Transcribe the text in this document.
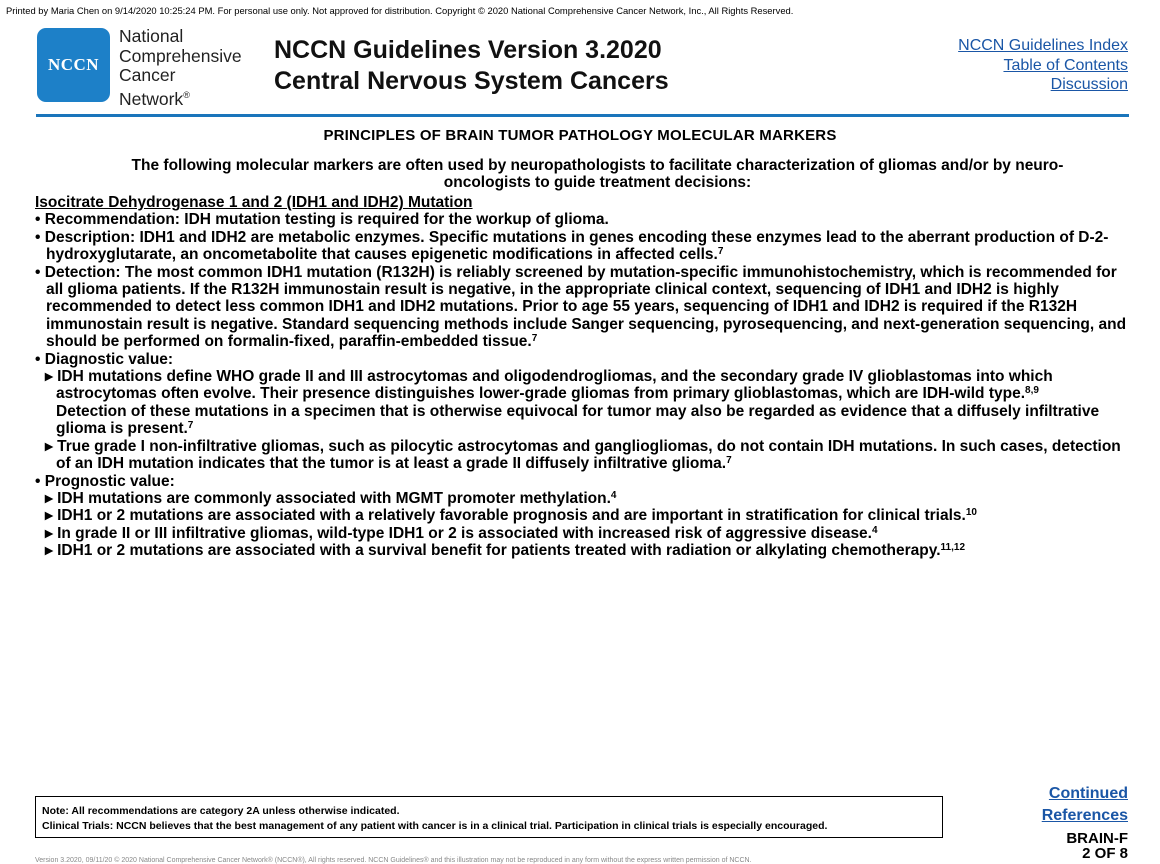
Printed by Maria Chen on 9/14/2020 10:25:24 PM. For personal use only. Not approved for distribution. Copyright © 2020 National Comprehensive Cancer Network, Inc., All Rights Reserved.
NCCN
National
Comprehensive
Cancer
Network®
NCCN Guidelines Version 3.2020
Central Nervous System Cancers
NCCN Guidelines Index
Table of Contents
Discussion
PRINCIPLES OF BRAIN TUMOR PATHOLOGY MOLECULAR MARKERS
The following molecular markers are often used by neuropathologists to facilitate characterization of gliomas and/or by neuro-oncologists to guide treatment decisions:

Isocitrate Dehydrogenase 1 and 2 (IDH1 and IDH2) Mutation

• Recommendation: IDH mutation testing is required for the workup of glioma.

• Description: IDH1 and IDH2 are metabolic enzymes. Specific mutations in genes encoding these enzymes lead to the aberrant production of D-2-hydroxyglutarate, an oncometabolite that causes epigenetic modifications in affected cells.$^7$

• Detection: The most common IDH1 mutation (R132H) is reliably screened by mutation-specific immunohistochemistry, which is recommended for all glioma patients. If the R132H immunostain result is negative, in the appropriate clinical context, sequencing of IDH1 and IDH2 is highly recommended to detect less common IDH1 and IDH2 mutations. Prior to age 55 years, sequencing of IDH1 and IDH2 is required if the R132H immunostain result is negative. Standard sequencing methods include Sanger sequencing, pyrosequencing, and next-generation sequencing, and should be performed on formalin-fixed, paraffin-embedded tissue.$^7$

• Diagnostic value:

▸ IDH mutations define WHO grade II and III astrocytomas and oligodendrogliomas, and the secondary grade IV glioblastomas into which astrocytomas often evolve. Their presence distinguishes lower-grade gliomas from primary glioblastomas, which are IDH-wild type.$^{8,9}$
Detection of these mutations in a specimen that is otherwise equivocal for tumor may also be regarded as evidence that a diffusely infiltrative glioma is present.$^7$

▸ True grade I non-infiltrative gliomas, such as pilocytic astrocytomas and gangliogliomas, do not contain IDH mutations. In such cases, detection of an IDH mutation indicates that the tumor is at least a grade II diffusely infiltrative glioma.$^7$

• Prognostic value:

▸ IDH mutations are commonly associated with MGMT promoter methylation.$^4$

▸ IDH1 or 2 mutations are associated with a relatively favorable prognosis and are important in stratification for clinical trials.$^{10}$

▸ In grade II or III infiltrative gliomas, wild-type IDH1 or 2 is associated with increased risk of aggressive disease.$^4$

▸ IDH1 or 2 mutations are associated with a survival benefit for patients treated with radiation or alkylating chemotherapy.$^{11,12}$

Note: All recommendations are category 2A unless otherwise indicated.
Clinical Trials: NCCN believes that the best management of any patient with cancer is in a clinical trial. Participation in clinical trials is especially encouraged.
Continued
References
BRAIN-F
2 OF 8
Version 3.2020, 09/11/20 © 2020 National Comprehensive Cancer Network® (NCCN®), All rights reserved. NCCN Guidelines® and this illustration may not be reproduced in any form without the express written permission of NCCN.
